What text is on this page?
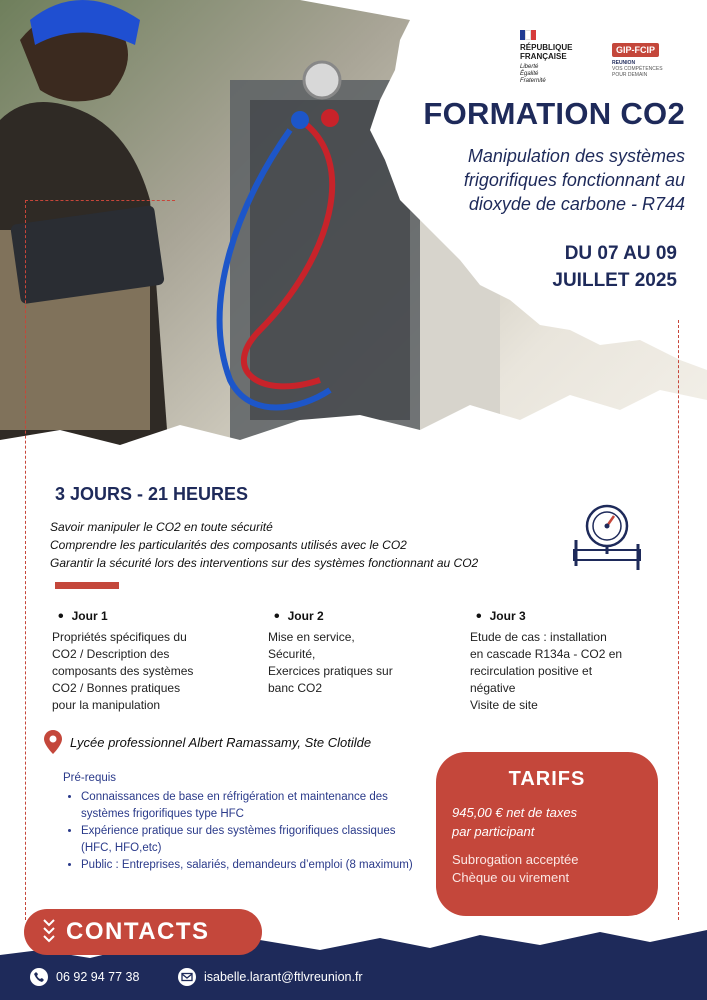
RÉPUBLIQUE
FRANÇAISE
Liberté
Égalité
Fraternité
GIP-FCIP
REUNION
VOS COMPÉTENCES
POUR DEMAIN
FORMATION CO2
Manipulation des systèmes
frigorifiques fonctionnant au
dioxyde de carbone - R744
DU 07 AU 09
JUILLET 2025
3 JOURS - 21 HEURES
Savoir manipuler le CO2 en toute sécurité
Comprendre les particularités des composants utilisés avec le CO2
Garantir la sécurité lors des interventions sur des systèmes fonctionnant au CO2
• Jour 1
Propriétés spécifiques du
CO2 / Description des
composants des systèmes
CO2 / Bonnes pratiques
pour la manipulation
• Jour 2
Mise en service,
Sécurité,
Exercices pratiques sur
banc CO2
• Jour 3
Etude de cas : installation
en cascade R134a - CO2 en
recirculation positive et
négative
Visite de site
Lycée professionnel Albert Ramassamy, Ste Clotilde
Pré-requis
• Connaissances de base en réfrigération et maintenance des systèmes frigorifiques type HFC
• Expérience pratique sur des systèmes frigorifiques classiques (HFC, HFO,etc)
• Public : Entreprises, salariés, demandeurs d’emploi (8 maximum)
TARIFS
945,00 € net de taxes
par participant
Subrogation acceptée
Chèque ou virement
CONTACTS
06 92 94 77 38	isabelle.larant@ftlvreunion.fr
